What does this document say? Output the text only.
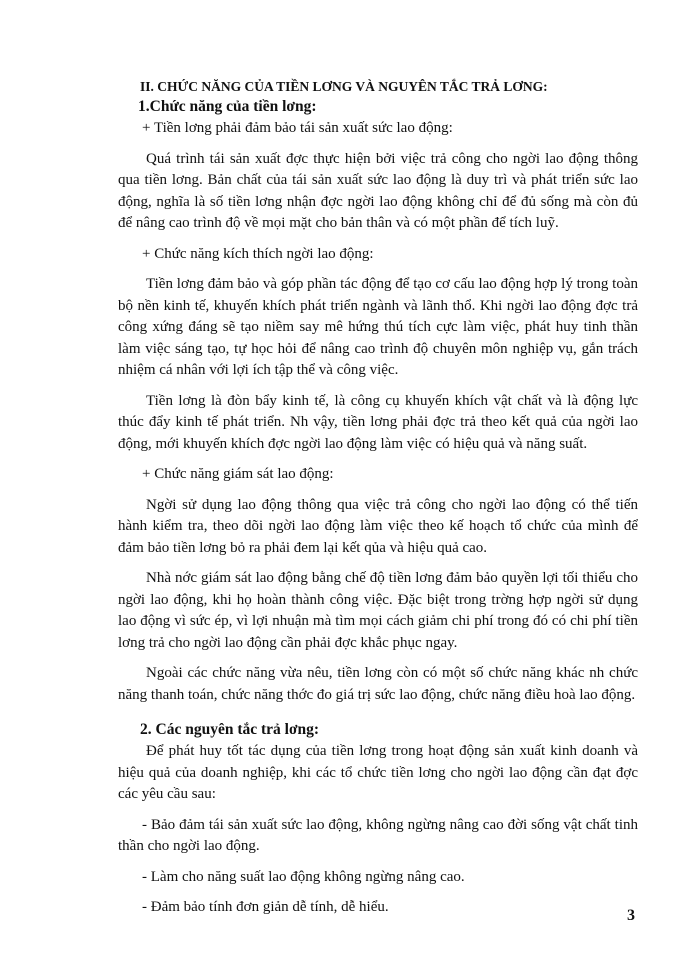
II. CHỨC NĂNG CỦA TIỀN LƠNG VÀ NGUYÊN TẮC TRẢ LƠNG:
1.Chức năng của tiền lơng:

+ Tiền lơng phải đảm bảo tái sản xuất sức lao động:

Quá trình tái sản xuất đợc thực hiện bởi việc trả công cho ngời lao động thông qua tiền lơng. Bản chất của tái sản xuất sức lao động là duy trì và phát triển sức lao động, nghĩa là số tiền lơng nhận đợc ngời lao động không chỉ để đủ sống mà còn đủ để nâng cao trình độ về mọi mặt cho bản thân và có một phần để tích luỹ.

+ Chức năng kích thích ngời lao động:

Tiền lơng đảm bảo và góp phần tác động để tạo cơ cấu lao động hợp lý trong toàn bộ nền kinh tế, khuyến khích phát triển ngành và lãnh thổ. Khi ngời lao động đợc trả công xứng đáng sẽ tạo niềm say mê hứng thú tích cực làm việc, phát huy tinh thần làm việc sáng tạo, tự học hỏi để nâng cao trình độ chuyên môn nghiệp vụ, gắn trách nhiệm cá nhân với lợi ích tập thể và công việc.

Tiền lơng là đòn bẩy kinh tế, là công cụ khuyến khích vật chất và là động lực thúc đẩy kinh tế phát triển. Nh vậy, tiền lơng phải đợc trả theo kết quả của ngời lao động, mới khuyến khích đợc ngời lao động làm việc có hiệu quả và năng suất.

+ Chức năng giám sát lao động:

Ngời sử dụng lao động thông qua việc trả công cho ngời lao động có thể tiến hành kiểm tra, theo dõi ngời lao động làm việc theo kế hoạch tổ chức của mình để đảm bảo tiền lơng bỏ ra phải đem lại kết qủa và hiệu quả cao.

Nhà nớc giám sát lao động bằng chế độ tiền lơng đảm bảo quyền lợi tối thiểu cho ngời lao động, khi họ hoàn thành công việc. Đặc biệt trong trờng hợp ngời sử dụng lao động vì sức ép, vì lợi nhuận mà tìm mọi cách giảm chi phí trong đó có chi phí tiền lơng trả cho ngời lao động cần phải đợc khắc phục ngay.

Ngoài các chức năng vừa nêu, tiền lơng còn có một số chức năng khác nh chức năng thanh toán, chức năng thớc đo giá trị sức lao động, chức năng điều hoà lao động.

2. Các nguyên tắc trả lơng:

Để phát huy tốt tác dụng của tiền lơng trong hoạt động sản xuất kinh doanh và hiệu quả của doanh nghiệp, khi các tổ chức tiền lơng cho ngời lao động cần đạt đợc các yêu cầu sau:

- Bảo đảm tái sản xuất sức lao động, không ngừng nâng cao đời sống vật chất tinh thần cho ngời lao động.

- Làm cho năng suất lao động không ngừng nâng cao.

- Đảm bảo tính đơn giản dễ tính, dễ hiểu.	3
